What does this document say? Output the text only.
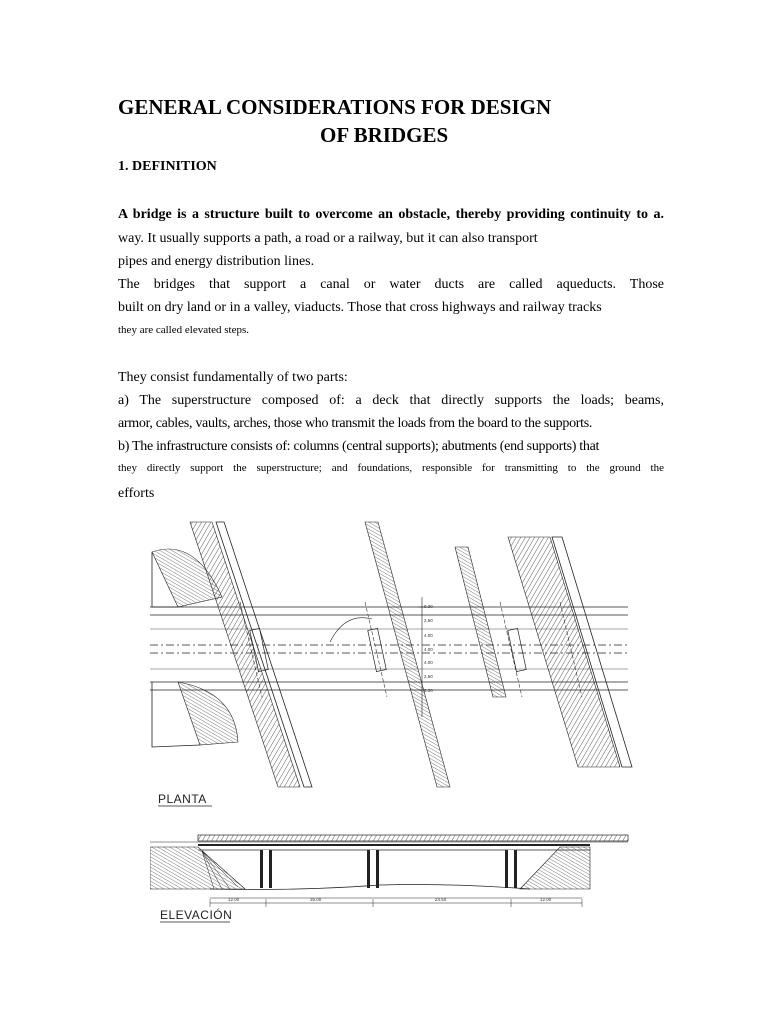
GENERAL CONSIDERATIONS FOR DESIGN
OF BRIDGES
1. DEFINITION
A bridge is a structure built to overcome an obstacle, thereby providing continuity to a.
way. It usually supports a path, a road or a railway, but it can also transport
pipes and energy distribution lines.
The bridges that support a canal or water ducts are called aqueducts. Those
built on dry land or in a valley, viaducts. Those that cross highways and railway tracks
they are called elevated steps.
They consist fundamentally of two parts:
a) The superstructure composed of: a deck that directly supports the loads; beams,
armor, cables, vaults, arches, those who transmit the loads from the board to the supports.
b) The infrastructure consists of: columns (central supports); abutments (end supports) that
they directly support the superstructure; and foundations, responsible for transmitting to the ground the
efforts
0.30
2.50
4.00
4.00
4.00
2.50
0.30
PLANTA
12.00	35.00	24.50	12.00
ELEVACIÓN
